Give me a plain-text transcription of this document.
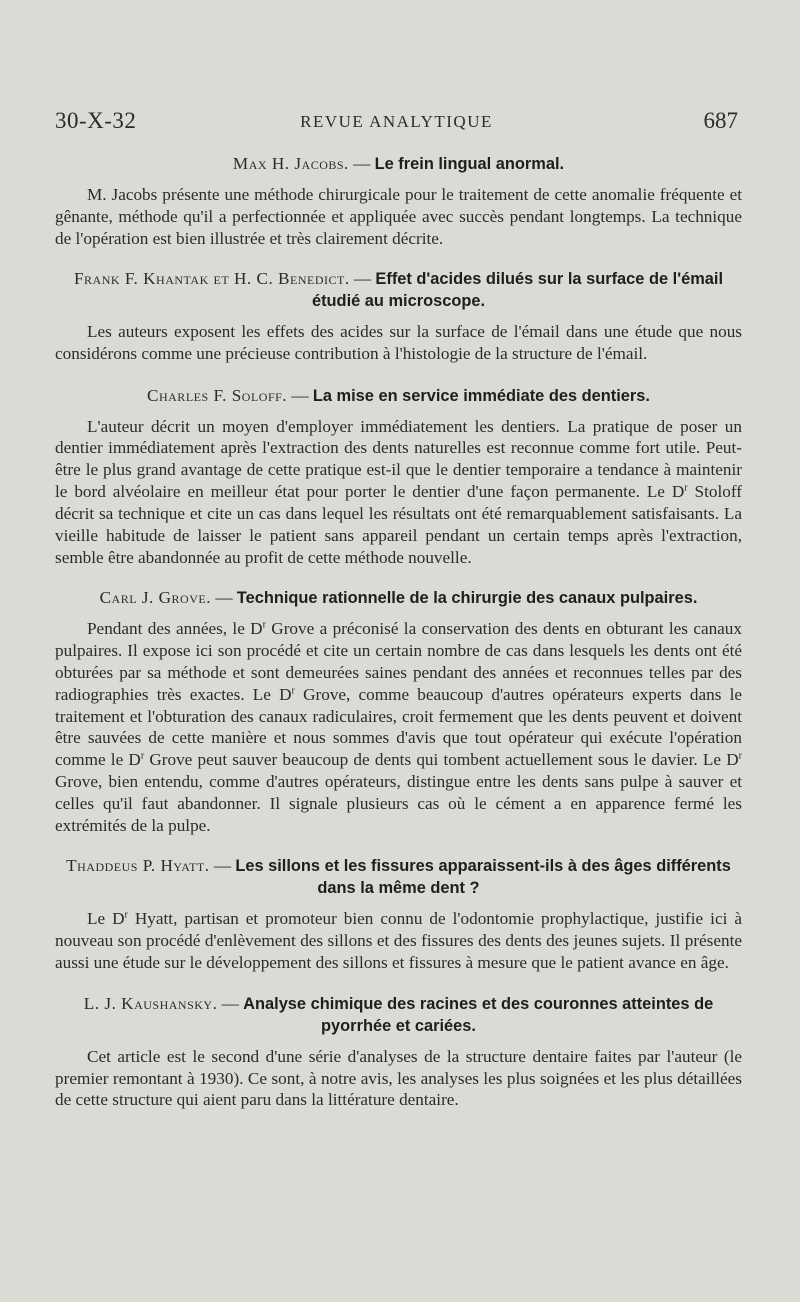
30-X-32	REVUE ANALYTIQUE	687

Max H. Jacobs. — Le frein lingual anormal.

M. Jacobs présente une méthode chirurgicale pour le traitement de cette anomalie fréquente et gênante, méthode qu'il a perfectionnée et appliquée avec succès pendant longtemps. La technique de l'opération est bien illustrée et très clairement décrite.

Frank F. Khantak et H. C. Benedict. — Effet d'acides dilués sur la surface de l'émail étudié au microscope.

Les auteurs exposent les effets des acides sur la surface de l'émail dans une étude que nous considérons comme une précieuse contribution à l'histologie de la structure de l'émail.

Charles F. Soloff. — La mise en service immédiate des dentiers.

L'auteur décrit un moyen d'employer immédiatement les dentiers. La pratique de poser un dentier immédiatement après l'extraction des dents naturelles est reconnue comme fort utile. Peut-être le plus grand avantage de cette pratique est-il que le dentier temporaire a tendance à maintenir le bord alvéolaire en meilleur état pour porter le dentier d'une façon permanente. Le $D^r$ Stoloff décrit sa technique et cite un cas dans lequel les résultats ont été remarquablement satisfaisants. La vieille habitude de laisser le patient sans appareil pendant un certain temps après l'extraction, semble être abandonnée au profit de cette méthode nouvelle.

Carl J. Grove. — Technique rationnelle de la chirurgie des canaux pulpaires.

Pendant des années, le $D^r$ Grove a préconisé la conservation des dents en obturant les canaux pulpaires. Il expose ici son procédé et cite un certain nombre de cas dans lesquels les dents ont été obturées par sa méthode et sont demeurées saines pendant des années et reconnues telles par des radiographies très exactes. Le $D^r$ Grove, comme beaucoup d'autres opérateurs experts dans le traitement et l'obturation des canaux radiculaires, croit fermement que les dents peuvent et doivent être sauvées de cette manière et nous sommes d'avis que tout opérateur qui exécute l'opération comme le $D^r$ Grove peut sauver beaucoup de dents qui tombent actuellement sous le davier. Le $D^r$ Grove, bien entendu, comme d'autres opérateurs, distingue entre les dents sans pulpe à sauver et celles qu'il faut abandonner. Il signale plusieurs cas où le cément a en apparence fermé les extrémités de la pulpe.

Thaddeus P. Hyatt. — Les sillons et les fissures apparaissent-ils à des âges différents dans la même dent ?

Le $D^r$ Hyatt, partisan et promoteur bien connu de l'odontomie prophylactique, justifie ici à nouveau son procédé d'enlèvement des sillons et des fissures des dents des jeunes sujets. Il présente aussi une étude sur le développement des sillons et fissures à mesure que le patient avance en âge.

L. J. Kaushansky. — Analyse chimique des racines et des couronnes atteintes de pyorrhée et cariées.

Cet article est le second d'une série d'analyses de la structure dentaire faites par l'auteur (le premier remontant à 1930). Ce sont, à notre avis, les analyses les plus soignées et les plus détaillées de cette structure qui aient paru dans la littérature dentaire.
